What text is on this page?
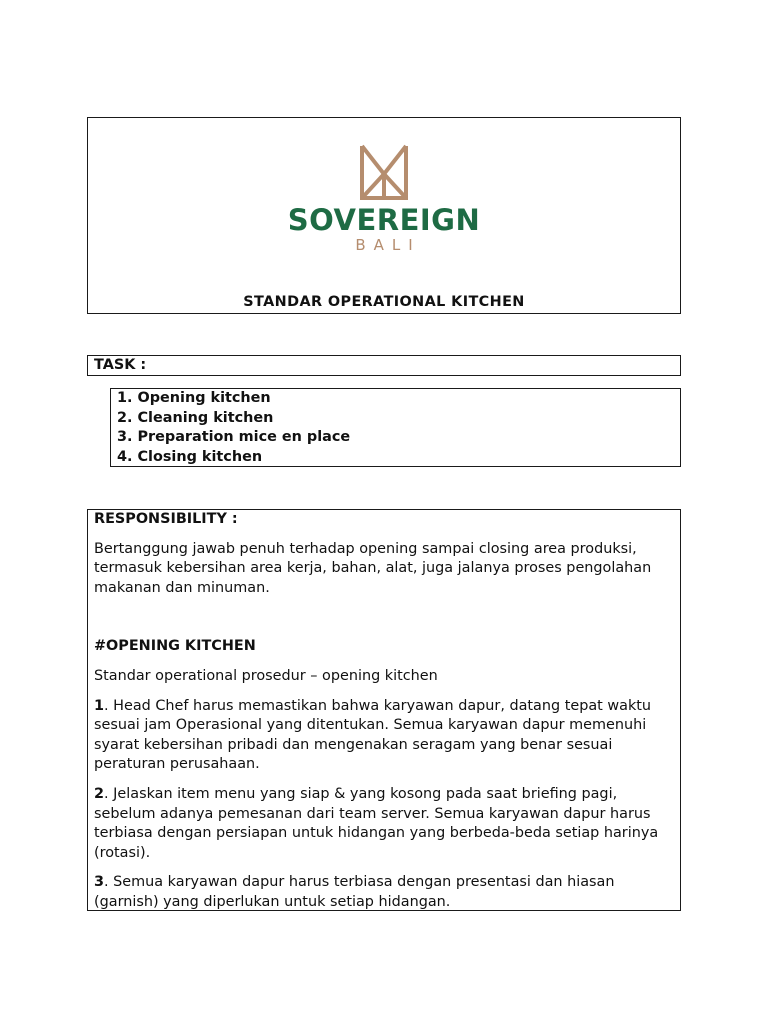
SOVEREIGN
BALI
STANDAR OPERATIONAL KITCHEN
TASK :
1. Opening kitchen
2. Cleaning kitchen
3. Preparation mice en place
4. Closing kitchen
RESPONSIBILITY :

Bertanggung jawab penuh terhadap opening sampai closing area produksi, termasuk kebersihan area kerja, bahan, alat, juga jalanya proses pengolahan makanan dan minuman.

#OPENING KITCHEN

Standar operational prosedur – opening kitchen

1. Head Chef harus memastikan bahwa karyawan dapur, datang tepat waktu sesuai jam Operasional yang ditentukan. Semua karyawan dapur memenuhi syarat kebersihan pribadi dan mengenakan seragam yang benar sesuai peraturan perusahaan.

2. Jelaskan item menu yang siap & yang kosong pada saat briefing pagi, sebelum adanya pemesanan dari team server. Semua karyawan dapur harus terbiasa dengan persiapan untuk hidangan yang berbeda-beda setiap harinya (rotasi).

3. Semua karyawan dapur harus terbiasa dengan presentasi dan hiasan (garnish) yang diperlukan untuk setiap hidangan.
